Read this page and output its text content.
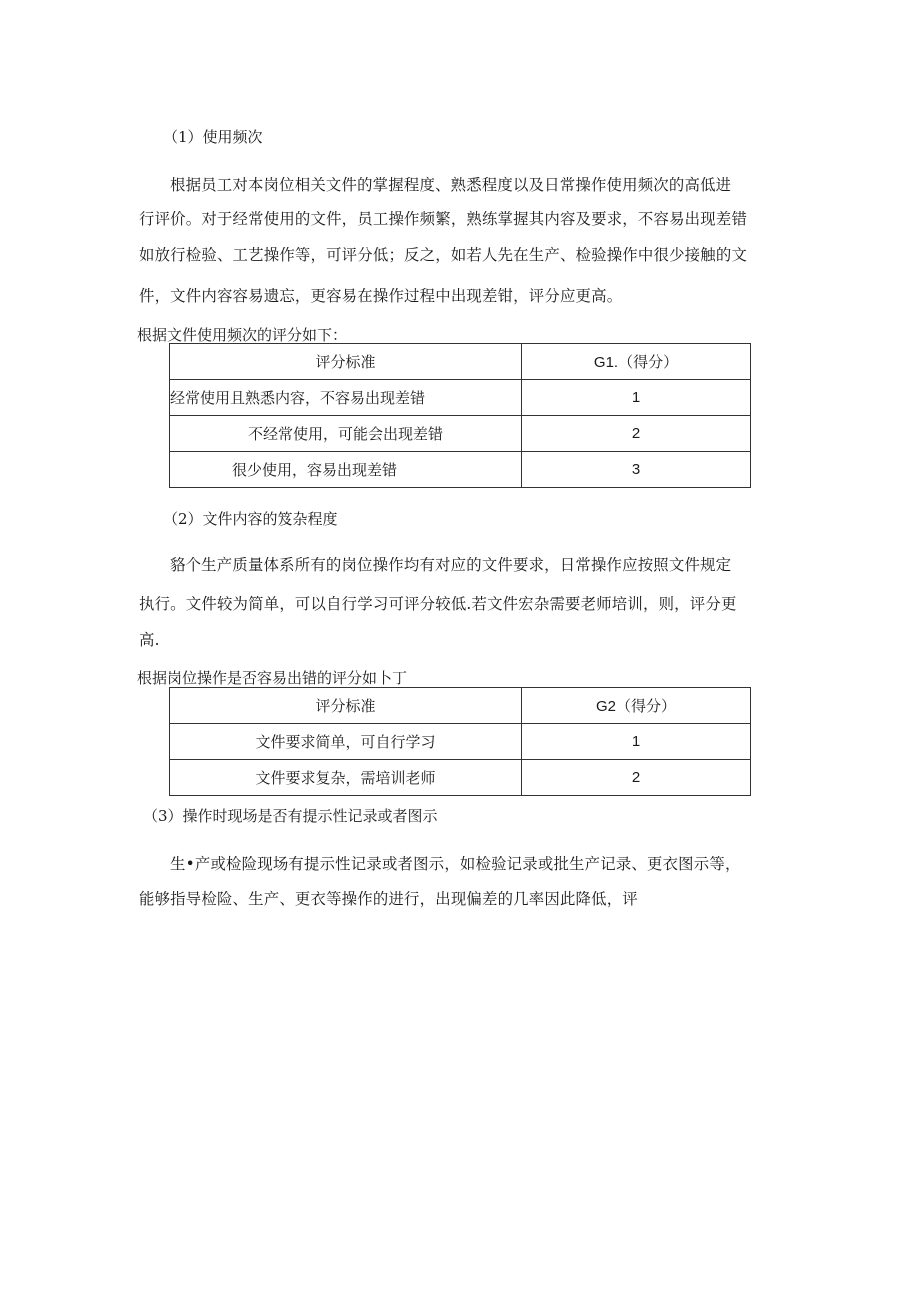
（1）使用频次
根据员工对本岗位相关文件的掌握程度、熟悉程度以及日常操作使用频次的高低进
行评价。对于经常使用的文件，员工操作频繁，熟练掌握其内容及要求，不容易出现差错
如放行检验、工艺操作等，可评分低；反之，如若人先在生产、检验操作中很少接触的文
件，文件内容容易遗忘，更容易在操作过程中出现差钳，评分应更高。
根据文件使用频次的评分如下：
评分标准	G1.（得分）
经常使用且熟悉内容，不容易出现差错	1
不经常使用，可能会出现差错	2
很少使用，容易出现差错	3
（2）文件内容的笈杂程度
貉个生产质量体系所有的岗位操作均有对应的文件要求，日常操作应按照文件规定
执行。文件较为简单，可以自行学习可评分较低.若文件宏杂需要老师培训，则，评分更
高.
根据岗位操作是否容易出错的评分如卜丁
评分标准	G2（得分）
文件要求简单，可自行学习	1
文件要求复杂，需培训老师	2
（3）操作时现场是否有提示性记录或者图示
生•产或检险现场有提示性记录或者图示，如检验记录或批生产记录、更衣图示等，
能够指导检险、生产、更衣等操作的进行，出现偏差的几率因此降低，评
